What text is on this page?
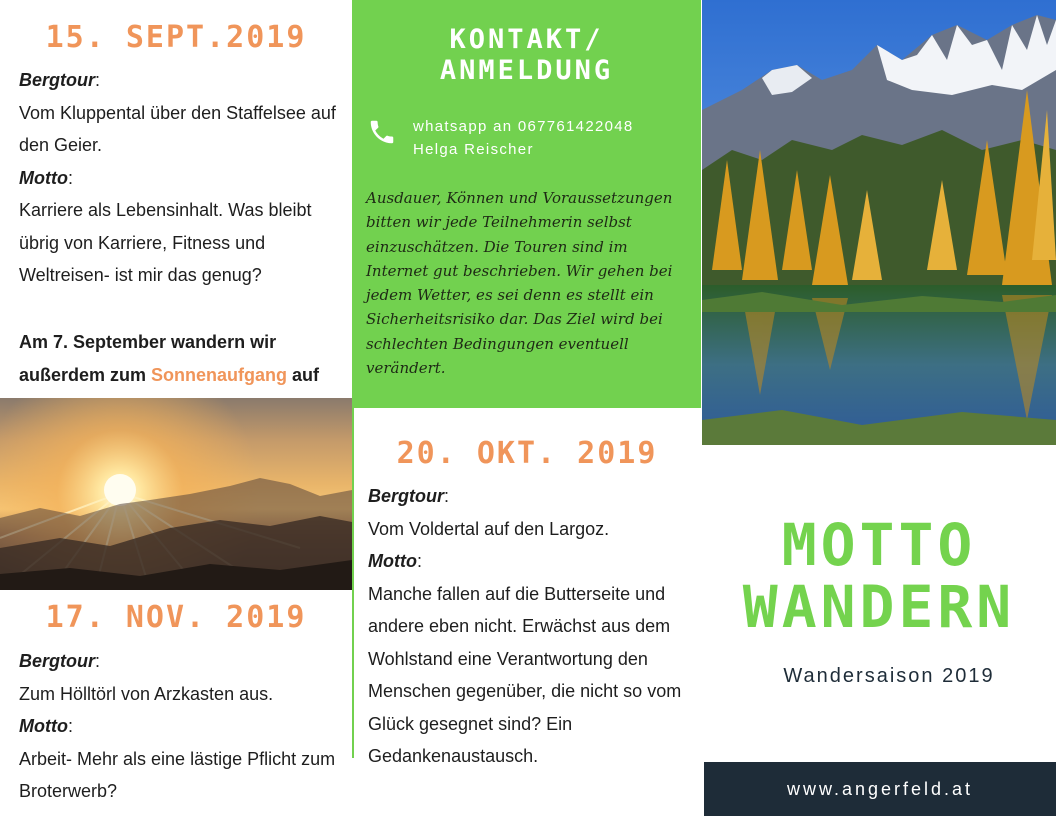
15. SEPT.2019
Bergtour:
Vom Kluppental über den Staffelsee auf den Geier.
Motto:
Karriere als Lebensinhalt. Was bleibt übrig von Karriere, Fitness und Weltreisen- ist mir das genug?
Am 7. September wandern wir außerdem zum Sonnenaufgang auf
17. NOV. 2019
Bergtour:
Zum Hölltörl von Arzkasten aus.
Motto:
Arbeit- Mehr als eine lästige Pflicht zum Broterwerb?
KONTAKT/
ANMELDUNG
whatsapp an 067761422048
Helga Reischer
Ausdauer, Können und Voraussetzungen bitten wir jede Teilnehmerin selbst einzuschätzen. Die Touren sind im Internet gut beschrieben. Wir gehen bei jedem Wetter, es sei denn es stellt ein Sicherheitsrisiko dar. Das Ziel wird bei schlechten Bedingungen eventuell verändert.
20. OKT. 2019
Bergtour:
Vom Voldertal auf den Largoz.
Motto:
Manche fallen auf die Butterseite und andere eben nicht. Erwächst aus dem Wohlstand eine Verantwortung den Menschen gegenüber, die nicht so vom Glück gesegnet sind? Ein Gedankenaustausch.
MOTTO
WANDERN
Wandersaison 2019
www.angerfeld.at
